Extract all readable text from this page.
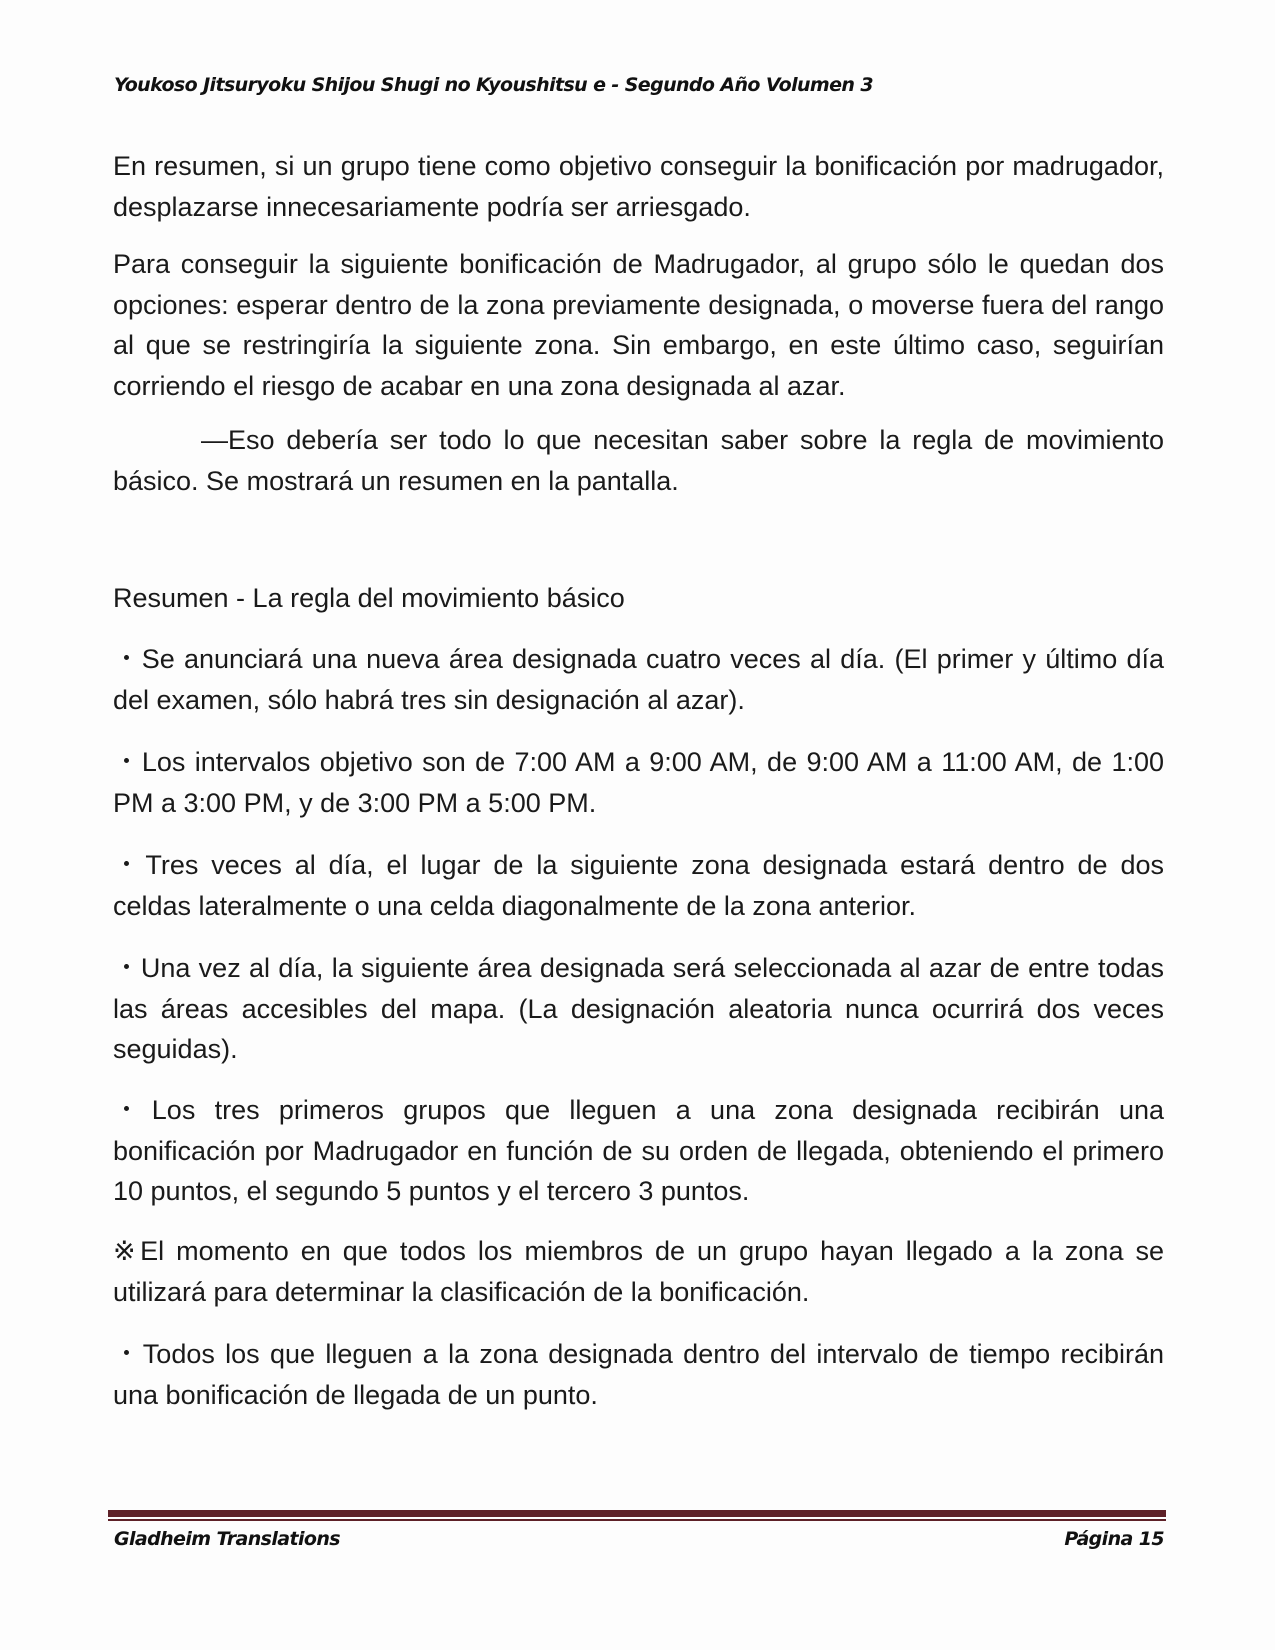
Youkoso Jitsuryoku Shijou Shugi no Kyoushitsu e - Segundo Año Volumen 3
En resumen, si un grupo tiene como objetivo conseguir la bonificación por madrugador, desplazarse innecesariamente podría ser arriesgado.
Para conseguir la siguiente bonificación de Madrugador, al grupo sólo le quedan dos opciones: esperar dentro de la zona previamente designada, o moverse fuera del rango al que se restringiría la siguiente zona. Sin embargo, en este último caso, seguirían corriendo el riesgo de acabar en una zona designada al azar.
—Eso debería ser todo lo que necesitan saber sobre la regla de movimiento básico. Se mostrará un resumen en la pantalla.
Resumen - La regla del movimiento básico
・Se anunciará una nueva área designada cuatro veces al día. (El primer y último día del examen, sólo habrá tres sin designación al azar).
・Los intervalos objetivo son de 7:00 AM a 9:00 AM, de 9:00 AM a 11:00 AM, de 1:00 PM a 3:00 PM, y de 3:00 PM a 5:00 PM.
・Tres veces al día, el lugar de la siguiente zona designada estará dentro de dos celdas lateralmente o una celda diagonalmente de la zona anterior.
・Una vez al día, la siguiente área designada será seleccionada al azar de entre todas las áreas accesibles del mapa. (La designación aleatoria nunca ocurrirá dos veces seguidas).
・Los tres primeros grupos que lleguen a una zona designada recibirán una bonificación por Madrugador en función de su orden de llegada, obteniendo el primero 10 puntos, el segundo 5 puntos y el tercero 3 puntos.
※El momento en que todos los miembros de un grupo hayan llegado a la zona se utilizará para determinar la clasificación de la bonificación.
・Todos los que lleguen a la zona designada dentro del intervalo de tiempo recibirán una bonificación de llegada de un punto.
Gladheim Translations	Página 15
